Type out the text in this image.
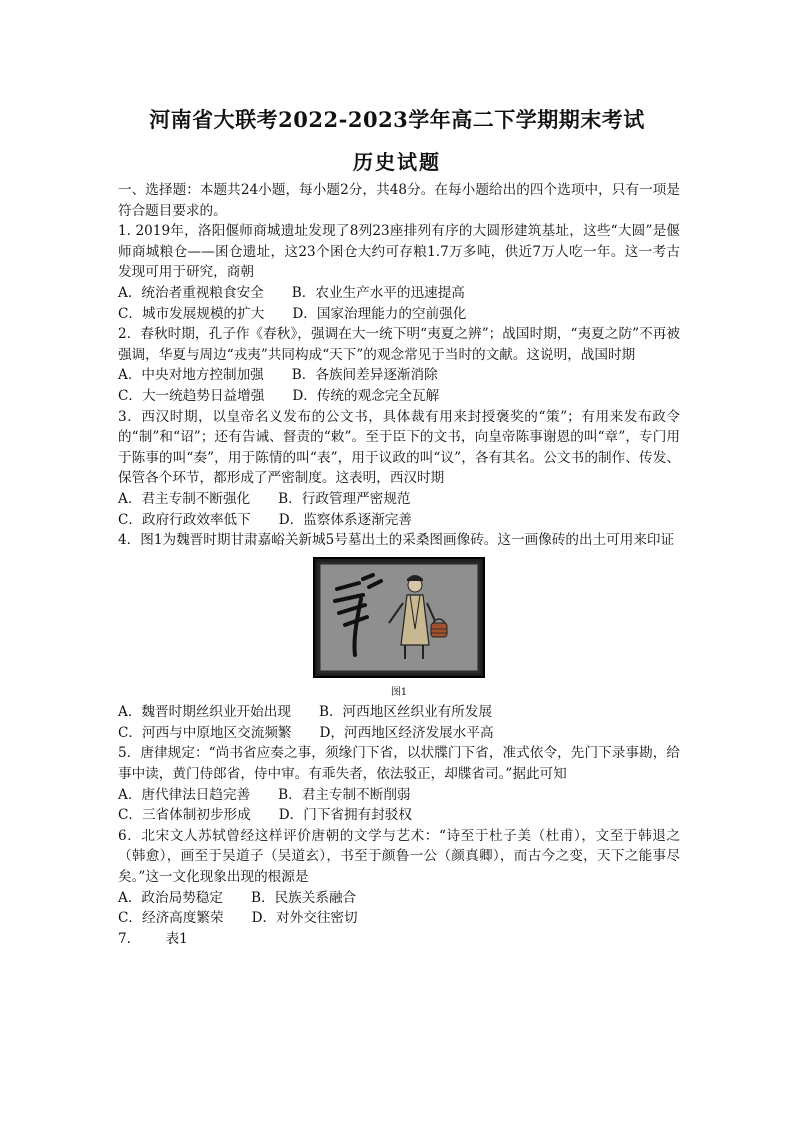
河南省大联考2022-2023学年高二下学期期末考试
历史试题

一、选择题：本题共24小题，每小题2分，共48分。在每小题给出的四个选项中，只有一项是符合题目要求的。

1. 2019年，洛阳偃师商城遗址发现了8列23座排列有序的大圆形建筑基址，这些“大圆”是偃师商城粮仓——囷仓遗址，这23个囷仓大约可存粮1.7万多吨，供近7万人吃一年。这一考古发现可用于研究，商朝

A．统治者重视粮食安全 B．农业生产水平的迅速提高

C．城市发展规模的扩大 D．国家治理能力的空前强化

2．春秋时期，孔子作《春秋》，强调在大一统下明“夷夏之辨”；战国时期，“夷夏之防”不再被强调，华夏与周边“戎夷”共同构成“天下”的观念常见于当时的文献。这说明，战国时期

A．中央对地方控制加强 B．各族间差异逐渐消除

C．大一统趋势日益增强 D．传统的观念完全瓦解

3．西汉时期，以皇帝名义发布的公文书，具体裁有用来封授褒奖的“策”；有用来发布政令的“制”和“诏”；还有告诫、督责的“敕”。至于臣下的文书，向皇帝陈事谢恩的叫“章”，专门用于陈事的叫“奏”，用于陈情的叫“表”，用于议政的叫“议”，各有其名。公文书的制作、传发、保管各个环节，都形成了严密制度。这表明，西汉时期

A．君主专制不断强化 B．行政管理严密规范

C．政府行政效率低下 D．监察体系逐渐完善

4．图1为魏晋时期甘肃嘉峪关新城5号墓出土的采桑图画像砖。这一画像砖的出土可用来印证

图1

A．魏晋时期丝织业开始出现 B．河西地区丝织业有所发展

C．河西与中原地区交流频繁 D，河西地区经济发展水平高

5．唐律规定：“尚书省应奏之事，须缘门下省，以状牒门下省，准式依令，先门下录事勘，给事中读，黄门侍郎省，侍中审。有乖失者，依法驳正，却牒省司。”据此可知

A．唐代律法日趋完善 B．君主专制不断削弱

C．三省体制初步形成 D．门下省拥有封驳权

6．北宋文人苏轼曾经这样评价唐朝的文学与艺术：“诗至于杜子美（杜甫），文至于韩退之（韩愈），画至于吴道子（吴道玄），书至于颜鲁一公（颜真卿），而古今之变，天下之能事尽矣。”这一文化现象出现的根源是

A．政治局势稳定 B．民族关系融合

C．经济高度繁荣 D．对外交往密切

7.	表1
